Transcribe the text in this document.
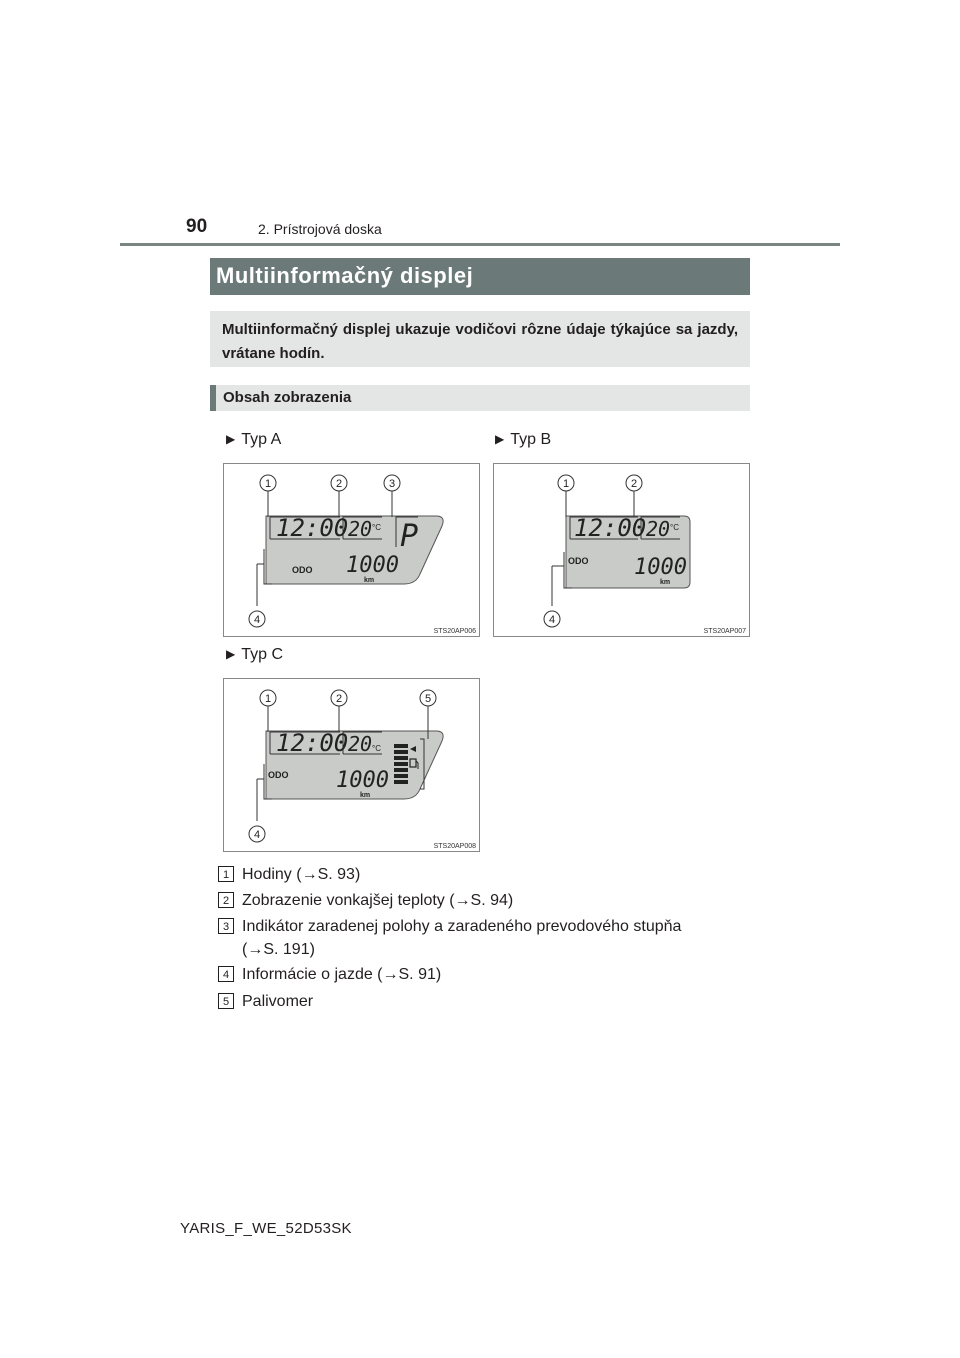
90	2. Prístrojová doska
Multiinformačný displej
Multiinformačný displej ukazuje vodičovi rôzne údaje týkajúce sa jazdy, vrátane hodín.
Obsah zobrazenia
▶ Typ A	▶ Typ B
▶ Typ C
1	2	3
4
12:00 20 °C P
ODO 1000
km
STS20AP006
1	2
4
12:00 20 °C
ODO 1000
km
STS20AP007
1	2	5
4
12:00 20 °C
ODO 1000
km
STS20AP008
1 Hodiny (→S. 93)
2 Zobrazenie vonkajšej teploty (→S. 94)
3 Indikátor zaradenej polohy a zaradeného prevodového stupňa
(→S. 191)
4 Informácie o jazde (→S. 91)
5 Palivomer
YARIS_F_WE_52D53SK
